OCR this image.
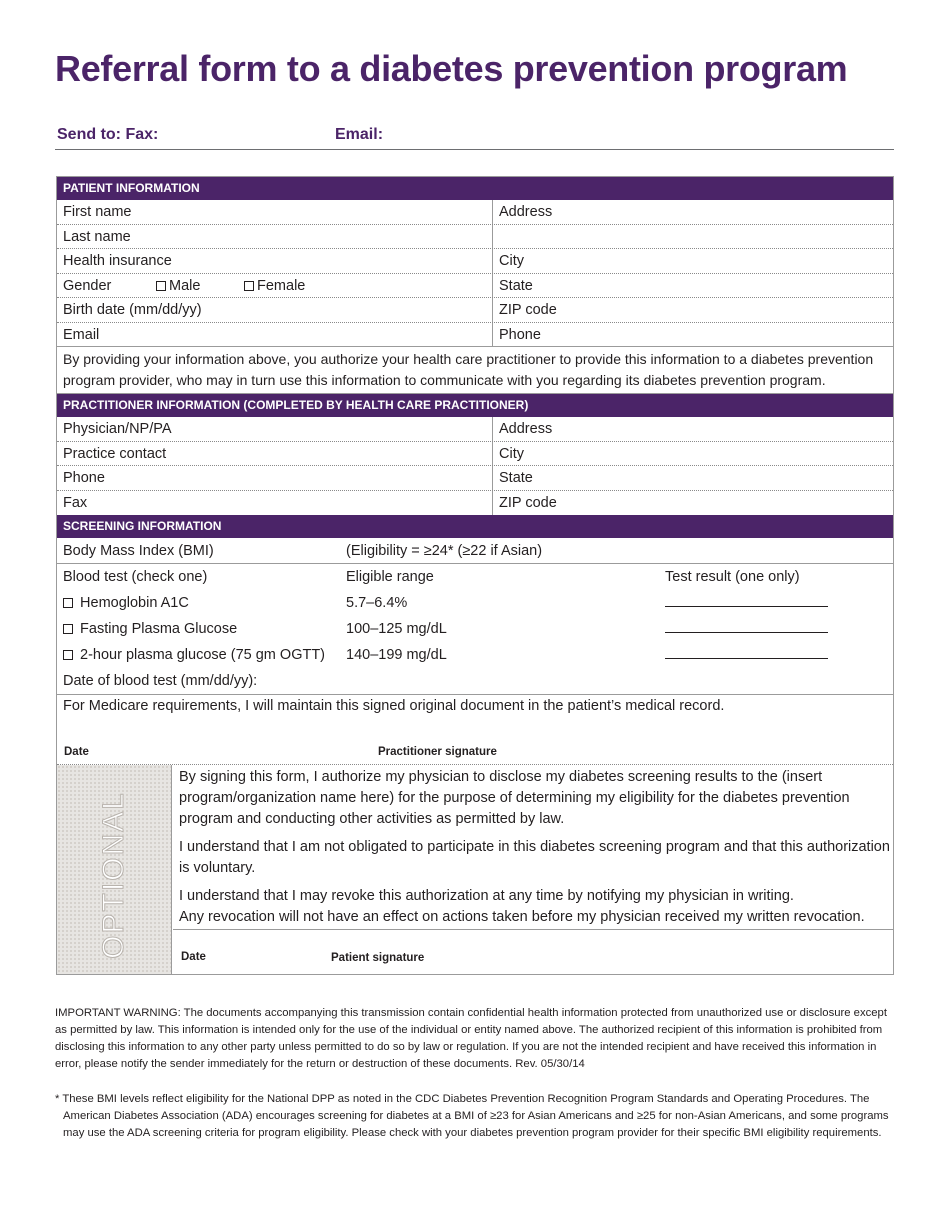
Referral form to a diabetes prevention program
Send to: Fax:	Email:
PATIENT INFORMATION
First name	Address
Last name
Health insurance	City
Gender	Male	Female	State
Birth date (mm/dd/yy)	ZIP code
Email	Phone
By providing your information above, you authorize your health care practitioner to provide this information to a diabetes prevention program provider, who may in turn use this information to communicate with you regarding its diabetes prevention program.
PRACTITIONER INFORMATION (COMPLETED BY HEALTH CARE PRACTITIONER)
Physician/NP/PA	Address
Practice contact	City
Phone	State
Fax	ZIP code
SCREENING INFORMATION
Body Mass Index (BMI)	(Eligibility = ≥24* (≥22 if Asian)
Blood test (check one)	Eligible range	Test result (one only)
Hemoglobin A1C	5.7–6.4%
Fasting Plasma Glucose	100–125 mg/dL
2-hour plasma glucose (75 gm OGTT) 140–199 mg/dL
Date of blood test (mm/dd/yy):
For Medicare requirements, I will maintain this signed original document in the patient’s medical record.
Date	Practitioner signature
OPTIONAL

By signing this form, I authorize my physician to disclose my diabetes screening results to the (insert program/organization name here) for the purpose of determining my eligibility for the diabetes prevention program and conducting other activities as permitted by law.

I understand that I am not obligated to participate in this diabetes screening program and that this authorization is voluntary.

I understand that I may revoke this authorization at any time by notifying my physician in writing.

Any revocation will not have an effect on actions taken before my physician received my written revocation.

Date	Patient signature
IMPORTANT WARNING: The documents accompanying this transmission contain confidential health information protected from unauthorized use or disclosure except as permitted by law. This information is intended only for the use of the individual or entity named above. The authorized recipient of this information is prohibited from disclosing this information to any other party unless permitted to do so by law or regulation. If you are not the intended recipient and have received this information in error, please notify the sender immediately for the return or destruction of these documents. Rev. 05/30/14
* These BMI levels reflect eligibility for the National DPP as noted in the CDC Diabetes Prevention Recognition Program Standards and Operating Procedures. The American Diabetes Association (ADA) encourages screening for diabetes at a BMI of ≥23 for Asian Americans and ≥25 for non-Asian Americans, and some programs may use the ADA screening criteria for program eligibility. Please check with your diabetes prevention program provider for their specific BMI eligibility requirements.
